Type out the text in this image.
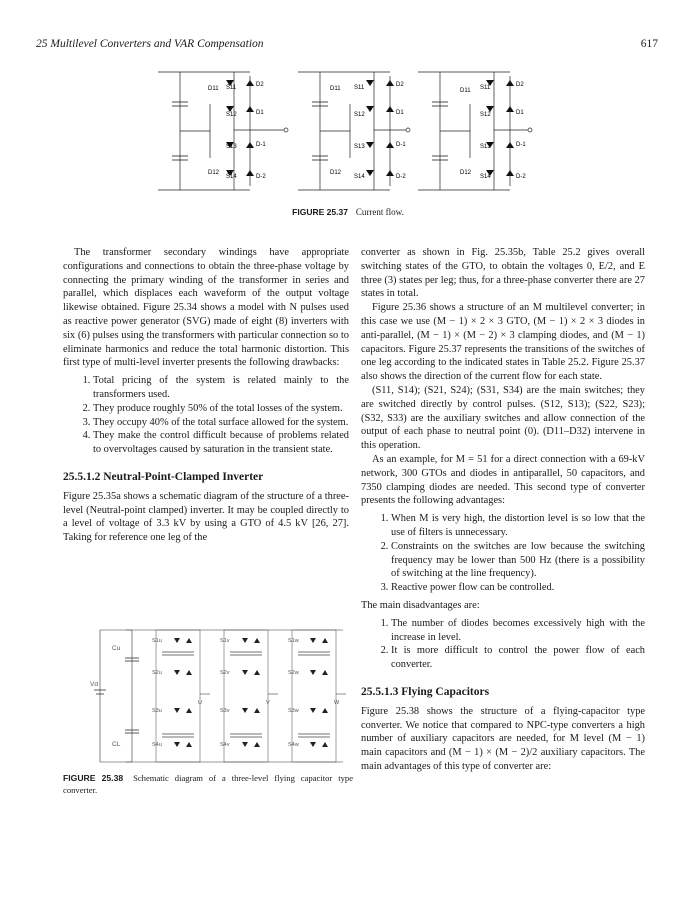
25 Multilevel Converters and VAR Compensation	617
D11 S11	D2
S12	D1
S13	D-1
D12
S14	D-2
D11 S11	D2
S12	D1
S13	D-1
D12
S14	D-2
D11 S11	D2
S12	D1
S13	D-1
D12
S14	D-2
FIGURE 25.37 Current flow.

The transformer secondary windings have appropriate configurations and connections to obtain the three-phase voltage by connecting the primary winding of the transformer in series and parallel, which displaces each waveform of the output voltage likewise obtained. Figure 25.34 shows a model with N pulses used as reactive power generator (SVG) made of eight (8) inverters with six (6) pulses using the transformers with particular connection so to eliminate harmonics and reduce the total harmonic distortion. This first type of multi-level inverter presents the following drawbacks:

1. Total pricing of the system is related mainly to the transformers used.
2. They produce roughly 50% of the total losses of the system.
3. They occupy 40% of the total surface allowed for the system.
4. They make the control difficult because of problems related to overvoltages caused by saturation in the transient state.
25.5.1.2 Neutral-Point-Clamped Inverter

Figure 25.35a shows a schematic diagram of the structure of a three-level (Neutral-point clamped) inverter. It may be coupled directly to a level of voltage of 3.3 kV by using a GTO of 4.5 kV [26, 27]. Taking for reference one leg of the

Cu
CL
Vd
S1u
S2u
S3u
S4u
U
S1v
S2v
S3v
S4v
V
S1w
S2w
S3w
S4w
W
FIGURE 25.38 Schematic diagram of a three-level flying capacitor type converter.

converter as shown in Fig. 25.35b, Table 25.2 gives overall switching states of the GTO, to obtain the voltages 0, E/2, and E three (3) states per leg; thus, for a three-phase converter there are 27 states in total.

Figure 25.36 shows a structure of an M multilevel converter; in this case we use (M − 1) × 2 × 3 GTO, (M − 1) × 2 × 3 diodes in anti-parallel, (M − 1) × (M − 2) × 3 clamping diodes, and (M − 1) capacitors. Figure 25.37 represents the transitions of the switches of one leg according to the indicated states in Table 25.2. Figure 25.37 also shows the direction of the current flow for each state.

(S11, S14); (S21, S24); (S31, S34) are the main switches; they are switched directly by control pulses. (S12, S13); (S22, S23); (S32, S33) are the auxiliary switches and allow connection of the output of each phase to neutral point (0). (D11–D32) intervene in this operation.

As an example, for M = 51 for a direct connection with a 69-kV network, 300 GTOs and diodes in antiparallel, 50 capacitors, and 7350 clamping diodes are needed. This second type of converter presents the following advantages:

1. When M is very high, the distortion level is so low that the use of filters is unnecessary.
2. Constraints on the switches are low because the switching frequency may be lower than 500 Hz (there is a possibility of switching at the line frequency).
3. Reactive power flow can be controlled.

The main disadvantages are:

1. The number of diodes becomes excessively high with the increase in level.
2. It is more difficult to control the power flow of each converter.
25.5.1.3 Flying Capacitors

Figure 25.38 shows the structure of a flying-capacitor type converter. We notice that compared to NPC-type converters a high number of auxiliary capacitors are needed, for M level (M − 1) main capacitors and (M − 1) × (M − 2)/2 auxiliary capacitors. The main advantages of this type of converter are:
